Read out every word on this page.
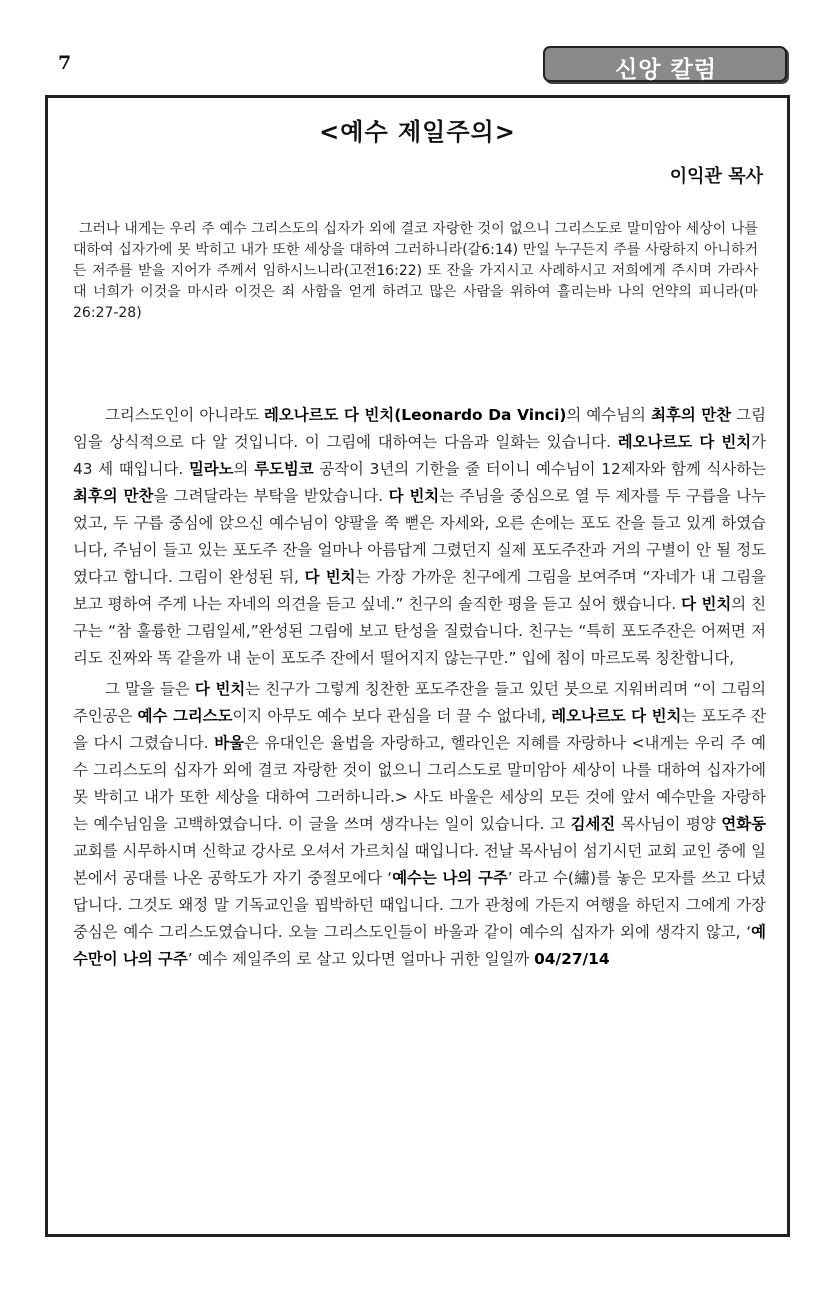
7	신앙 칼럼
<예수 제일주의>
이익관 목사
그러나 내게는 우리 주 예수 그리스도의 십자가 외에 결코 자랑한 것이 없으니 그리스도로 말미암아 세상이 나를 대하여 십자가에 못 박히고 내가 또한 세상을 대하여 그러하니라(갈6:14) 만일 누구든지 주를 사랑하지 아니하거든 저주를 받을 지어가 주께서 임하시느니라(고전16:22) 또 잔을 가지시고 사례하시고 저희에게 주시며 가라사대 너희가 이것을 마시라 이것은 죄 사함을 얻게 하려고 많은 사람을 위하여 흘리는바 나의 언약의 피니라(마26:27-28)

그리스도인이 아니라도 레오나르도 다 빈치(Leonardo Da Vinci)의 예수님의 최후의 만찬 그림임을 상식적으로 다 알 것입니다. 이 그림에 대하여는 다음과 일화는 있습니다. 레오나르도 다 빈치가 43 세 때입니다. 밀라노의 루도빔코 공작이 3년의 기한을 줄 터이니 예수님이 12제자와 함께 식사하는 최후의 만찬을 그려달라는 부탁을 받았습니다. 다 빈치는 주님을 중심으로 열 두 제자를 두 구릅을 나누었고, 두 구릅 중심에 앉으신 예수님이 양팔을 쭉 뻗은 자세와, 오른 손에는 포도 잔을 들고 있게 하였습니다, 주님이 들고 있는 포도주 잔을 얼마나 아름답게 그렸던지 실제 포도주잔과 거의 구별이 안 될 정도였다고 합니다. 그림이 완성된 뒤, 다 빈치는 가장 가까운 친구에게 그림을 보여주며 “자네가 내 그림을 보고 평하여 주게 나는 자네의 의견을 듣고 싶네.” 친구의 솔직한 평을 듣고 싶어 했습니다. 다 빈치의 친구는 “참 훌륭한 그림일세,”완성된 그림에 보고 탄성을 질렀습니다. 친구는 “특히 포도주잔은 어쩌면 저리도 진짜와 똑 같을까 내 눈이 포도주 잔에서 떨어지지 않는구만.” 입에 침이 마르도록 칭찬합니다,

그 말을 들은 다 빈치는 친구가 그렇게 칭찬한 포도주잔을 들고 있던 붓으로 지워버리며 “이 그림의 주인공은 예수 그리스도이지 아무도 예수 보다 관심을 더 끌 수 없다네, 레오나르도 다 빈치는 포도주 잔을 다시 그렸습니다. 바울은 유대인은 율법을 자랑하고, 헬라인은 지혜를 자랑하나 <내게는 우리 주 예수 그리스도의 십자가 외에 결코 자랑한 것이 없으니 그리스도로 말미암아 세상이 나를 대하여 십자가에 못 박히고 내가 또한 세상을 대하여 그러하니라.> 사도 바울은 세상의 모든 것에 앞서 예수만을 자랑하는 예수님임을 고백하였습니다. 이 글을 쓰며 생각나는 일이 있습니다. 고 김세진 목사님이 평양 연화동 교회를 시무하시며 신학교 강사로 오셔서 가르치실 때입니다. 전날 목사님이 섬기시던 교회 교인 중에 일본에서 공대를 나온 공학도가 자기 중절모에다 ‘예수는 나의 구주’ 라고 수(繡)를 놓은 모자를 쓰고 다녔답니다. 그것도 왜정 말 기독교인을 핍박하던 때입니다. 그가 관청에 가든지 여행을 하던지 그에게 가장 중심은 예수 그리스도였습니다. 오늘 그리스도인들이 바울과 같이 예수의 십자가 외에 생각지 않고, ‘예수만이 나의 구주’ 예수 제일주의 로 살고 있다면 얼마나 귀한 일일까 04/27/14
